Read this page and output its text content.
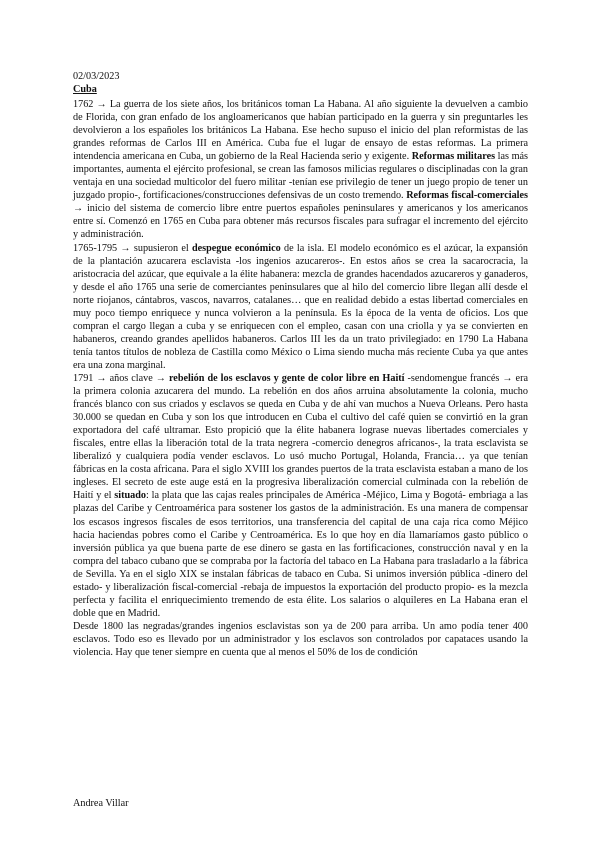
02/03/2023
Cuba

1762 → La guerra de los siete años, los británicos toman La Habana. Al año siguiente la devuelven a cambio de Florida, con gran enfado de los angloamericanos que habían participado en la guerra y sin preguntarles les devolvieron a los españoles los británicos La Habana. Ese hecho supuso el inicio del plan reformistas de las grandes reformas de Carlos III en América. Cuba fue el lugar de ensayo de estas reformas. La primera intendencia americana en Cuba, un gobierno de la Real Hacienda serio y exigente. Reformas militares las más importantes, aumenta el ejército profesional, se crean las famosos milicias regulares o disciplinadas con la gran ventaja en una sociedad multicolor del fuero militar -tenían ese privilegio de tener un juego propio de tener un juzgado propio-, fortificaciones/construcciones defensivas de un costo tremendo. Reformas fiscal-comerciales → inicio del sistema de comercio libre entre puertos españoles peninsulares y americanos y los americanos entre sí. Comenzó en 1765 en Cuba para obtener más recursos fiscales para sufragar el incremento del ejército y administración.

1765-1795 → supusieron el despegue económico de la isla. El modelo económico es el azúcar, la expansión de la plantación azucarera esclavista -los ingenios azucareros-. En estos años se crea la sacarocracia, la aristocracia del azúcar, que equivale a la élite habanera: mezcla de grandes hacendados azucareros y ganaderos, y desde el año 1765 una serie de comerciantes peninsulares que al hilo del comercio libre llegan allí desde el norte riojanos, cántabros, vascos, navarros, catalanes… que en realidad debido a estas libertad comerciales en muy poco tiempo enriquece y nunca volvieron a la península. Es la época de la venta de oficios. Los que compran el cargo llegan a cuba y se enriquecen con el empleo, casan con una criolla y ya se convierten en habaneros, creando grandes apellidos habaneros. Carlos III les da un trato privilegiado: en 1790 La Habana tenía tantos títulos de nobleza de Castilla como México o Lima siendo mucha más reciente Cuba ya que antes era una zona marginal.

1791 → años clave → rebelión de los esclavos y gente de color libre en Haití -sendomengue francés → era la primera colonia azucarera del mundo. La rebelión en dos años arruina absolutamente la colonia, mucho francés blanco con sus criados y esclavos se queda en Cuba y de ahí van muchos a Nueva Orleans. Pero hasta 30.000 se quedan en Cuba y son los que introducen en Cuba el cultivo del café quien se convirtió en la gran exportadora del café ultramar. Esto propició que la élite habanera lograse nuevas libertades comerciales y fiscales, entre ellas la liberación total de la trata negrera -comercio denegros africanos-, la trata esclavista se liberalizó y cualquiera podía vender esclavos. Lo usó mucho Portugal, Holanda, Francia… ya que tenían fábricas en la costa africana. Para el siglo XVIII los grandes puertos de la trata esclavista estaban a mano de los ingleses. El secreto de este auge está en la progresiva liberalización comercial culminada con la rebelión de Haití y el situado: la plata que las cajas reales principales de América -Méjico, Lima y Bogotá- embriaga a las plazas del Caribe y Centroamérica para sostener los gastos de la administración. Es una manera de compensar los escasos ingresos fiscales de esos territorios, una transferencia del capital de una caja rica como Méjico hacia haciendas pobres como el Caribe y Centroamérica. Es lo que hoy en día llamaríamos gasto público o inversión pública ya que buena parte de ese dinero se gasta en las fortificaciones, construcción naval y en la compra del tabaco cubano que se compraba por la factoría del tabaco en La Habana para trasladarlo a la fábrica de Sevilla. Ya en el siglo XIX se instalan fábricas de tabaco en Cuba. Si unimos inversión pública -dinero del estado- y liberalización fiscal-comercial -rebaja de impuestos la exportación del producto propio- es la mezcla perfecta y facilita el enriquecimiento tremendo de esta élite. Los salarios o alquileres en La Habana eran el doble que en Madrid.

Desde 1800 las negradas/grandes ingenios esclavistas son ya de 200 para arriba. Un amo podía tener 400 esclavos. Todo eso es llevado por un administrador y los esclavos son controlados por capataces usando la violencia. Hay que tener siempre en cuenta que al menos el 50% de los de condición

Andrea Villar
